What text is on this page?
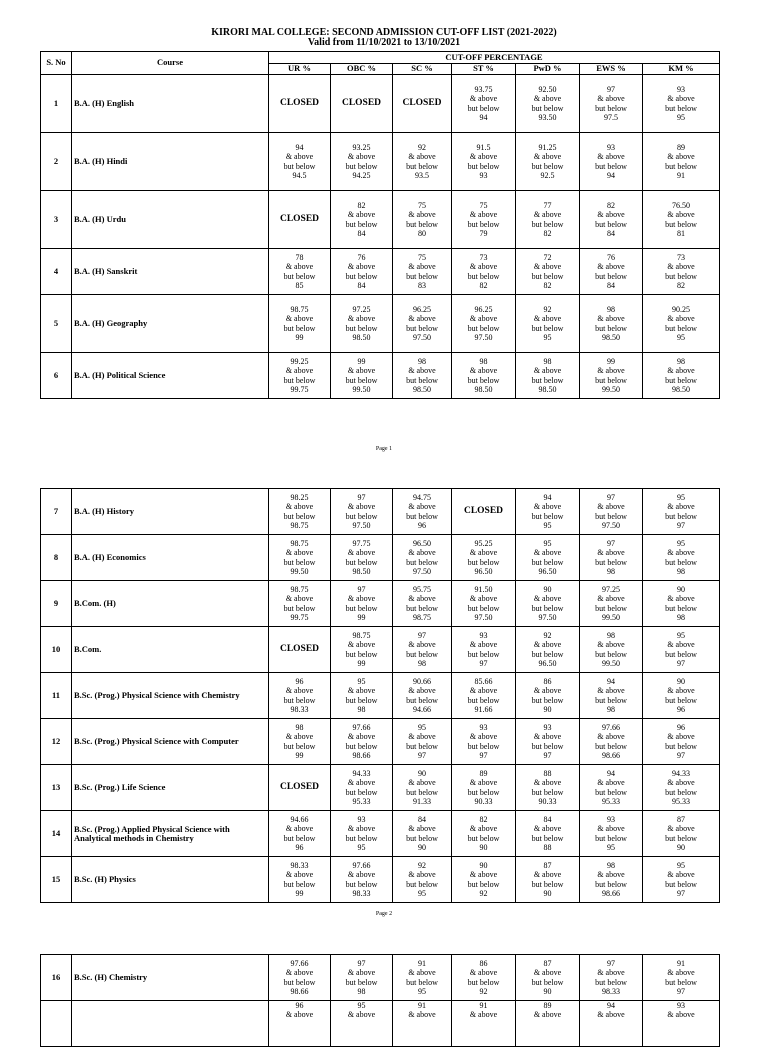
KIRORI MAL COLLEGE: SECOND ADMISSION CUT-OFF LIST (2021-2022)
Valid from 11/10/2021 to 13/10/2021
S. No	Course	CUT-OFF PERCENTAGE						
		UR %	OBC %	SC %	ST %	PwD %	EWS %	KM %
1	B.A. (H) English	CLOSED	CLOSED	CLOSED	93.75
& above
but below
94	92.50
& above
but below
93.50	97
& above
but below
97.5	93
& above
but below
95

2	B.A. (H) Hindi	94
& above
but below
94.5	93.25
& above
but below
94.25	92
& above
but below
93.5	91.5
& above
but below
93	91.25
& above
but below
92.5	93
& above
but below
94	89
& above
but below
91

3	B.A. (H) Urdu	CLOSED	82
& above
but below
84	75
& above
but below
80	75
& above
but below
79	77
& above
but below
82	82
& above
but below
84	76.50
& above
but below
81

4	B.A. (H) Sanskrit	78
& above
but below
85	76
& above
but below
84	75
& above
but below
83	73
& above
but below
82	72
& above
but below
82	76
& above
but below
84	73
& above
but below
82

5	B.A. (H) Geography	98.75
& above
but below
99	97.25
& above
but below
98.50	96.25
& above
but below
97.50	96.25
& above
but below
97.50	92
& above
but below
95	98
& above
but below
98.50	90.25
& above
but below
95

6	B.A. (H) Political Science	99.25
& above
but below
99.75	99
& above
but below
99.50	98
& above
but below
98.50	98
& above
but below
98.50	98
& above
but below
98.50	99
& above
but below
99.50	98
& above
but below
98.50
Page 1
7	B.A. (H) History	98.25
& above
but below
98.75	97
& above
but below
97.50	94.75
& above
but below
96	CLOSED	94
& above
but below
95	97
& above
but below
97.50	95
& above
but below
97

8	B.A. (H) Economics	98.75
& above
but below
99.50	97.75
& above
but below
98.50	96.50
& above
but below
97.50	95.25
& above
but below
96.50	95
& above
but below
96.50	97
& above
but below
98	95
& above
but below
98

9	B.Com. (H)	98.75
& above
but below
99.75	97
& above
but below
99	95.75
& above
but below
98.75	91.50
& above
but below
97.50	90
& above
but below
97.50	97.25
& above
but below
99.50	90
& above
but below
98

10	B.Com.	CLOSED	98.75
& above
but below
99	97
& above
but below
98	93
& above
but below
97	92
& above
but below
96.50	98
& above
but below
99.50	95
& above
but below
97

11	B.Sc. (Prog.) Physical Science with Chemistry	96
& above
but below
98.33	95
& above
but below
98	90.66
& above
but below
94.66	85.66
& above
but below
91.66	86
& above
but below
90	94
& above
but below
98	90
& above
but below
96

12	B.Sc. (Prog.) Physical Science with Computer	98
& above
but below
99	97.66
& above
but below
98.66	95
& above
but below
97	93
& above
but below
97	93
& above
but below
97	97.66
& above
but below
98.66	96
& above
but below
97

13	B.Sc. (Prog.) Life Science	CLOSED	94.33
& above
but below
95.33	90
& above
but below
91.33	89
& above
but below
90.33	88
& above
but below
90.33	94
& above
but below
95.33	94.33
& above
but below
95.33

14	B.Sc. (Prog.) Applied Physical Science with Analytical methods in Chemistry	94.66
& above
but below
96	93
& above
but below
95	84
& above
but below
90	82
& above
but below
90	84
& above
but below
88	93
& above
but below
95	87
& above
but below
90

15	B.Sc. (H) Physics	98.33
& above
but below
99	97.66
& above
but below
98.33	92
& above
but below
95	90
& above
but below
92	87
& above
but below
90	98
& above
but below
98.66	95
& above
but below
97
Page 2
16	B.Sc. (H) Chemistry	97.66
& above
but below
98.66	97
& above
but below
98	91
& above
but below
95	86
& above
but below
92	87
& above
but below
90	97
& above
but below
98.33	91
& above
but below
97

		96
& above	95
& above	91
& above	91
& above	89
& above	94
& above	93
& above
